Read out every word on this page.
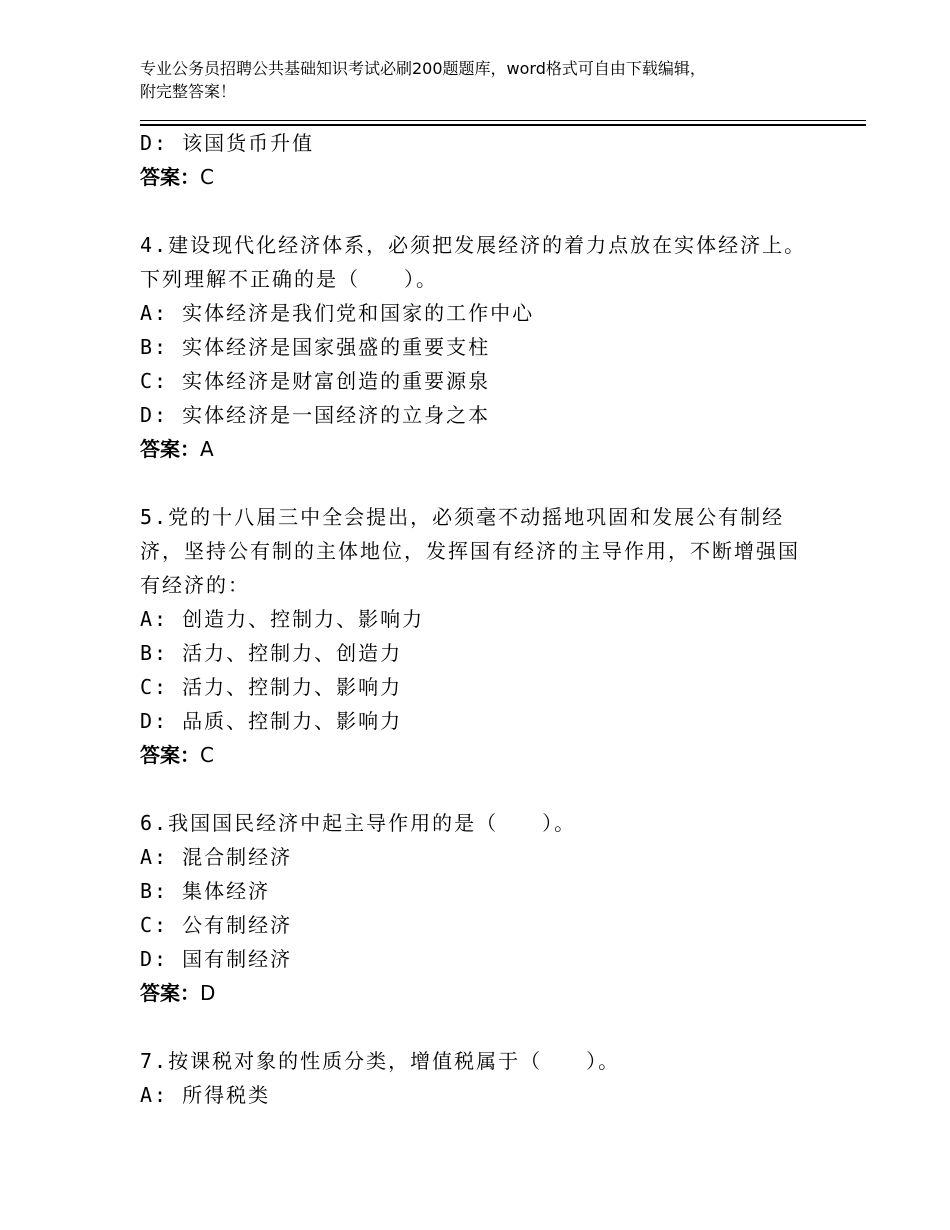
专业公务员招聘公共基础知识考试必刷200题题库，word格式可自由下载编辑，
附完整答案！
D: 该国货币升值
答案：C
4.建设现代化经济体系，必须把发展经济的着力点放在实体经济上。
下列理解不正确的是（　　）。
A: 实体经济是我们党和国家的工作中心
B: 实体经济是国家强盛的重要支柱
C: 实体经济是财富创造的重要源泉
D: 实体经济是一国经济的立身之本
答案：A
5.党的十八届三中全会提出，必须毫不动摇地巩固和发展公有制经
济，坚持公有制的主体地位，发挥国有经济的主导作用，不断增强国
有经济的：
A: 创造力、控制力、影响力
B: 活力、控制力、创造力
C: 活力、控制力、影响力
D: 品质、控制力、影响力
答案：C
6.我国国民经济中起主导作用的是（　　）。
A: 混合制经济
B: 集体经济
C: 公有制经济
D: 国有制经济
答案：D
7.按课税对象的性质分类，增值税属于（　　）。
A: 所得税类
